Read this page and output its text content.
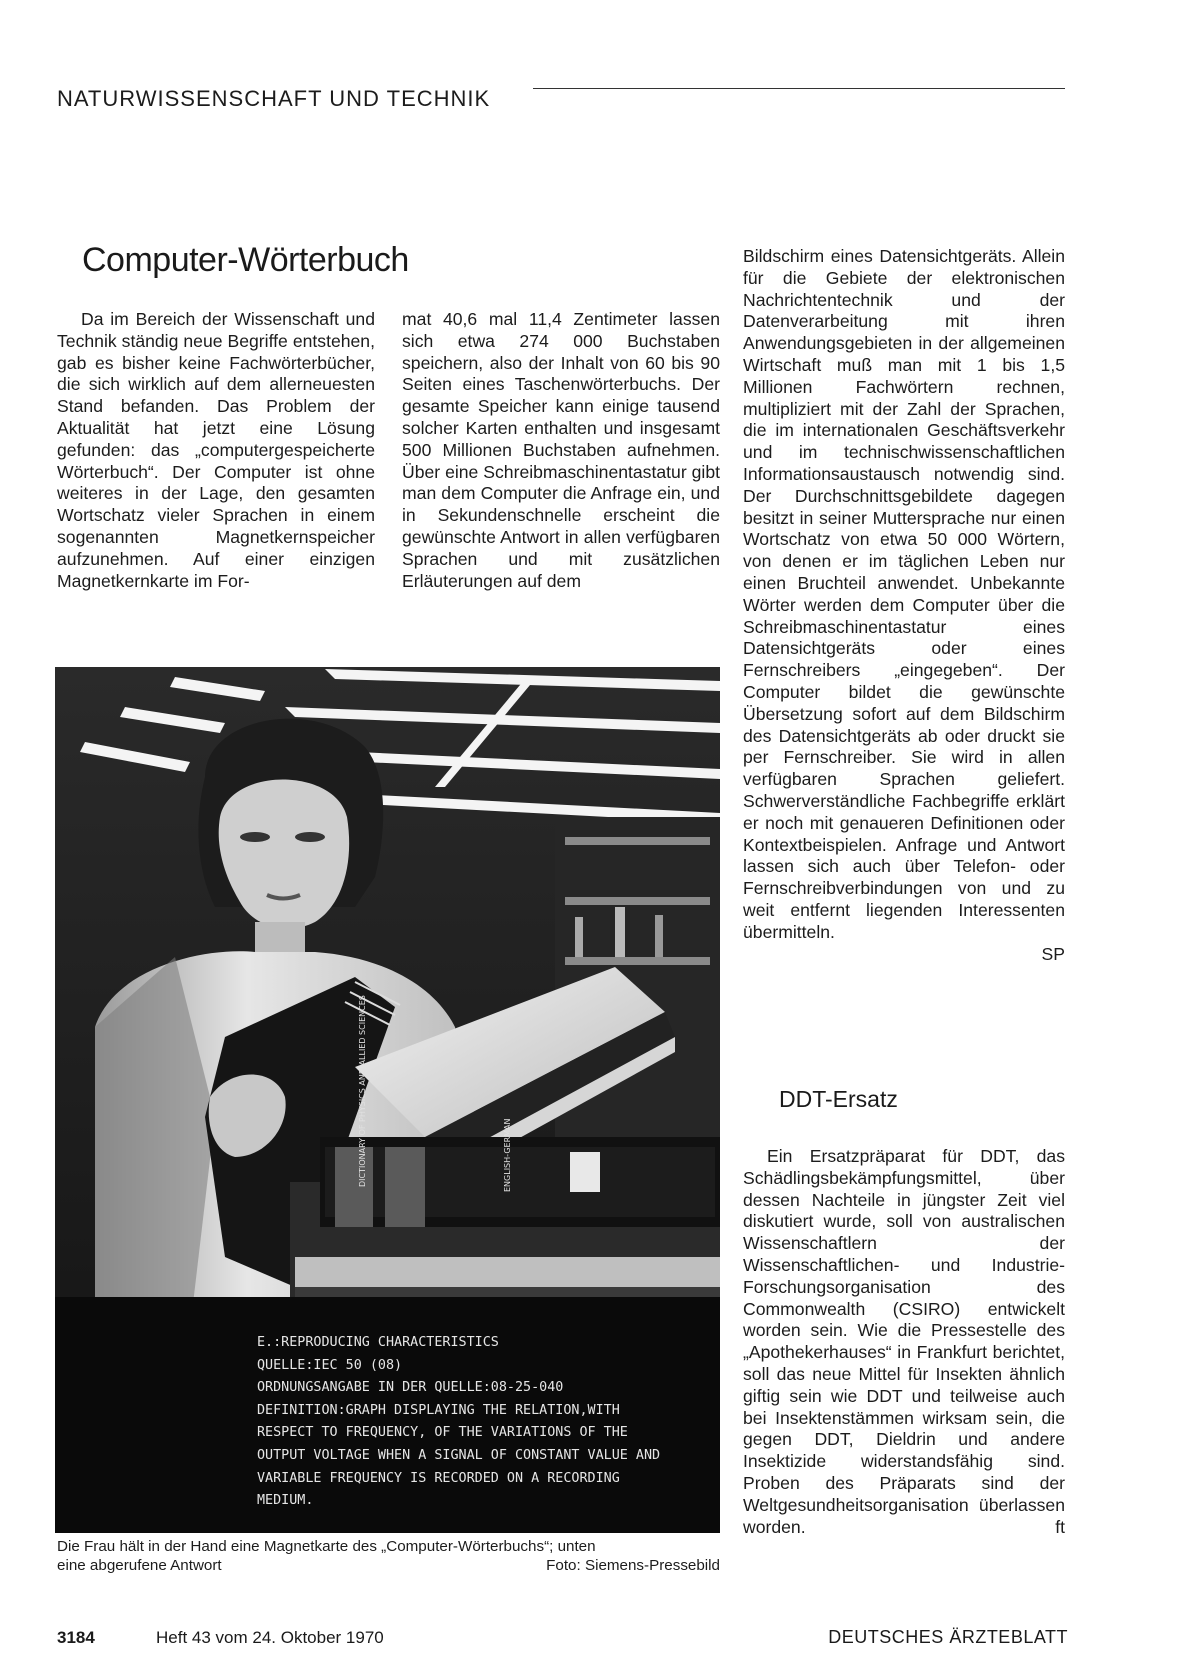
NATURWISSENSCHAFT UND TECHNIK
Computer-Wörterbuch

Da im Bereich der Wissenschaft und Technik ständig neue Begriffe entstehen, gab es bisher keine Fachwörterbücher, die sich wirklich auf dem allerneuesten Stand befanden. Das Problem der Aktualität hat jetzt eine Lösung gefunden: das „computergespeicherte Wörterbuch“. Der Computer ist ohne weiteres in der Lage, den gesamten Wortschatz vieler Sprachen in einem sogenannten Magnetkernspeicher aufzunehmen. Auf einer einzigen Magnetkernkarte im For-

mat 40,6 mal 11,4 Zentimeter lassen sich etwa 274 000 Buchstaben speichern, also der Inhalt von 60 bis 90 Seiten eines Taschenwörterbuchs. Der gesamte Speicher kann einige tausend solcher Karten enthalten und insgesamt 500 Millionen Buchstaben aufnehmen. Über eine Schreibmaschinentastatur gibt man dem Computer die Anfrage ein, und in Sekundenschnelle erscheint die gewünschte Antwort in allen verfügbaren Sprachen und mit zusätzlichen Erläuterungen auf dem

Bildschirm eines Datensichtgeräts. Allein für die Gebiete der elektronischen Nachrichtentechnik und der Datenverarbeitung mit ihren Anwendungsgebieten in der allgemeinen Wirtschaft muß man mit 1 bis 1,5 Millionen Fachwörtern rechnen, multipliziert mit der Zahl der Sprachen, die im internationalen Geschäftsverkehr und im technischwissenschaftlichen Informationsaustausch notwendig sind. Der Durchschnittsgebildete dagegen besitzt in seiner Muttersprache nur einen Wortschatz von etwa 50 000 Wörtern, von denen er im täglichen Leben nur einen Bruchteil anwendet. Unbekannte Wörter werden dem Computer über die Schreibmaschinentastatur eines Datensichtgeräts oder eines Fernschreibers „eingegeben“. Der Computer bildet die gewünschte Übersetzung sofort auf dem Bildschirm des Datensichtgeräts ab oder druckt sie per Fernschreiber. Sie wird in allen verfügbaren Sprachen geliefert. Schwerverständliche Fachbegriffe erklärt er noch mit genaueren Definitionen oder Kontextbeispielen. Anfrage und Antwort lassen sich auch über Telefon- oder Fernschreibverbindungen von und zu weit entfernt liegenden Interessenten übermitteln.

SP
DICTIONARY OF PHYSICS AND ALLIED SCIENCES	ENGLISH-GERMAN
E.:REPRODUCING CHARACTERISTICS
QUELLE:IEC 50 (08)
ORDNUNGSANGABE IN DER QUELLE:08-25-040
DEFINITION:GRAPH DISPLAYING THE RELATION,WITH
RESPECT TO FREQUENCY, OF THE VARIATIONS OF THE
OUTPUT VOLTAGE WHEN A SIGNAL OF CONSTANT VALUE AND
VARIABLE FREQUENCY IS RECORDED ON A RECORDING
MEDIUM.
Die Frau hält in der Hand eine Magnetkarte des „Computer-Wörterbuchs“; unten
eine abgerufene Antwort	Foto: Siemens-Pressebild
DDT-Ersatz

Ein Ersatzpräparat für DDT, das Schädlingsbekämpfungsmittel, über dessen Nachteile in jüngster Zeit viel diskutiert wurde, soll von australischen Wissenschaftlern der Wissenschaftlichen- und Industrie-Forschungsorganisation des Commonwealth (CSIRO) entwickelt worden sein. Wie die Pressestelle des „Apothekerhauses“ in Frankfurt berichtet, soll das neue Mittel für Insekten ähnlich giftig sein wie DDT und teilweise auch bei Insektenstämmen wirksam sein, die gegen DDT, Dieldrin und andere Insektizide widerstandsfähig sind. Proben des Präparats sind der Weltgesundheitsorganisation überlassen worden.	ft
3184	Heft 43 vom 24. Oktober 1970	DEUTSCHES ÄRZTEBLATT
